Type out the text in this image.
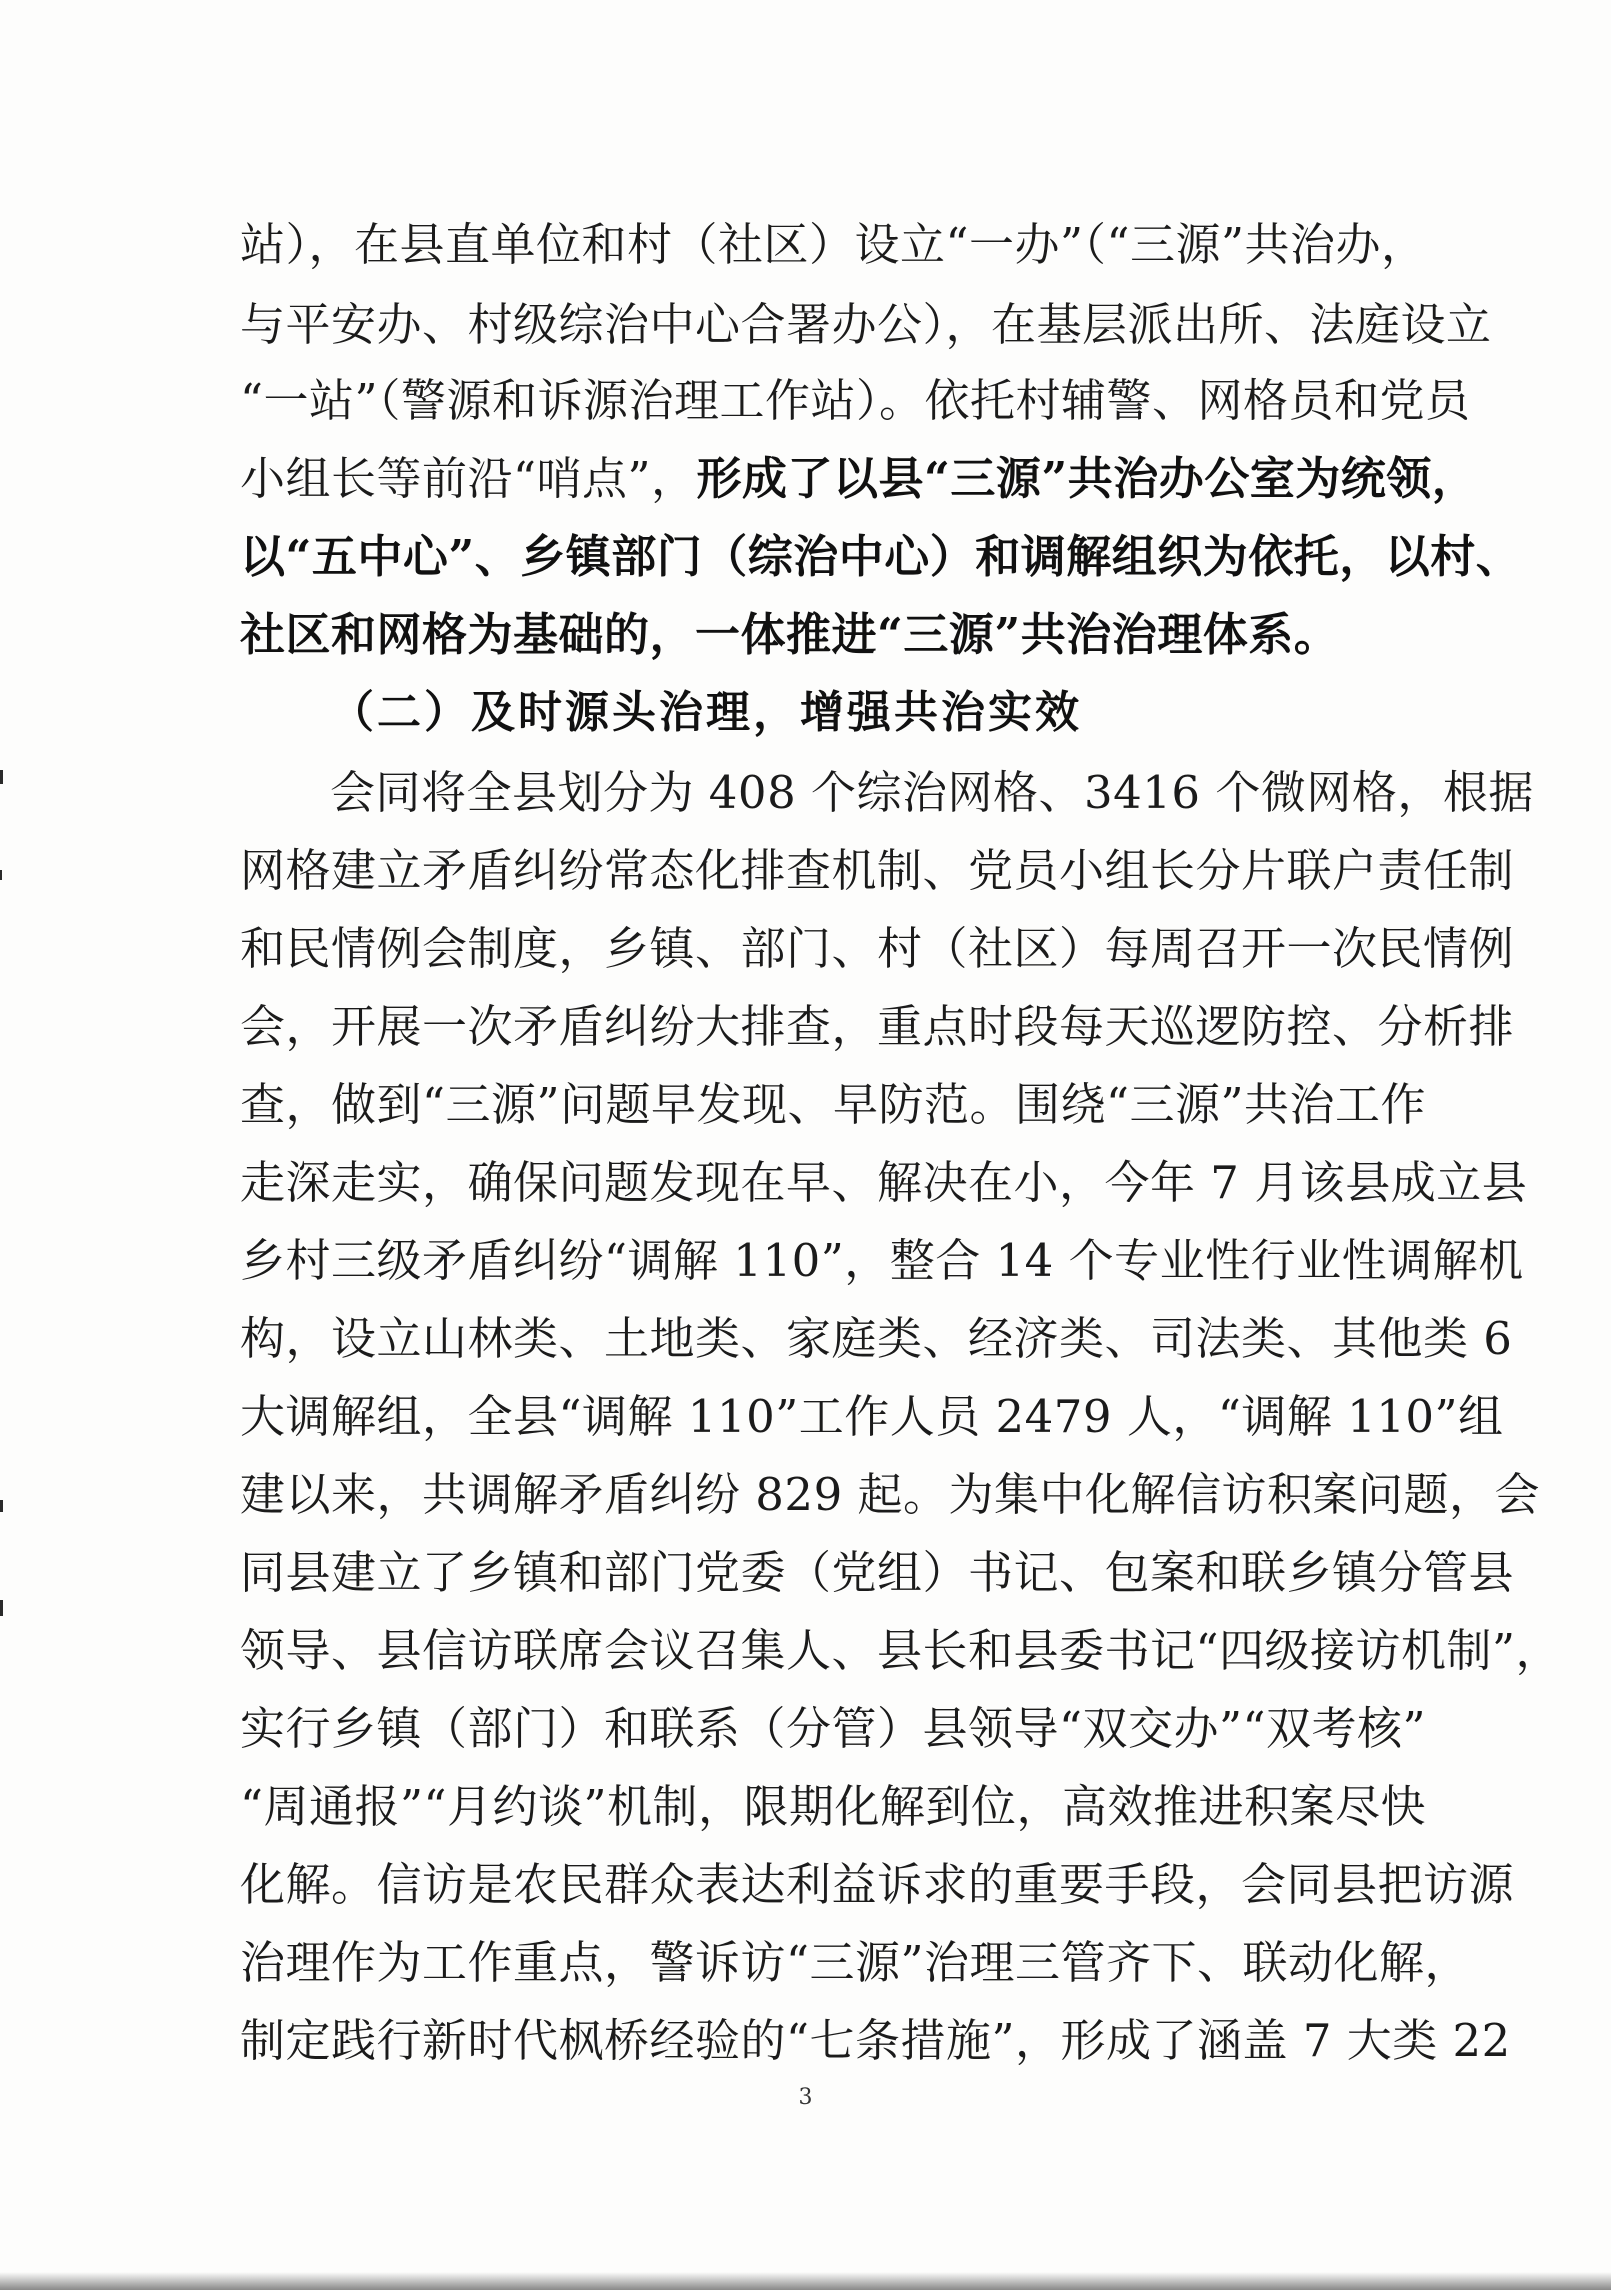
站），在县直单位和村（社区）设立“一办”（“三源”共治办，
与平安办、村级综治中心合署办公），在基层派出所、法庭设立
“一站”（警源和诉源治理工作站）。依托村辅警、网格员和党员
小组长等前沿“哨点”，形成了以县“三源”共治办公室为统领，
以“五中心”、乡镇部门（综治中心）和调解组织为依托，以村、
社区和网格为基础的，一体推进“三源”共治治理体系。
（二）及时源头治理，增强共治实效
会同将全县划分为 408 个综治网格、3416 个微网格，根据
网格建立矛盾纠纷常态化排查机制、党员小组长分片联户责任制
和民情例会制度，乡镇、部门、村（社区）每周召开一次民情例
会，开展一次矛盾纠纷大排查，重点时段每天巡逻防控、分析排
查，做到“三源”问题早发现、早防范。围绕“三源”共治工作
走深走实，确保问题发现在早、解决在小，今年 7 月该县成立县
乡村三级矛盾纠纷“调解 110”，整合 14 个专业性行业性调解机
构，设立山林类、土地类、家庭类、经济类、司法类、其他类 6
大调解组，全县“调解 110”工作人员 2479 人，“调解 110”组
建以来，共调解矛盾纠纷 829 起。为集中化解信访积案问题，会
同县建立了乡镇和部门党委（党组）书记、包案和联乡镇分管县
领导、县信访联席会议召集人、县长和县委书记“四级接访机制”，
实行乡镇（部门）和联系（分管）县领导“双交办”“双考核”
“周通报”“月约谈”机制，限期化解到位，高效推进积案尽快
化解。信访是农民群众表达利益诉求的重要手段，会同县把访源
治理作为工作重点，警诉访“三源”治理三管齐下、联动化解，
制定践行新时代枫桥经验的“七条措施”，形成了涵盖 7 大类 22
3
